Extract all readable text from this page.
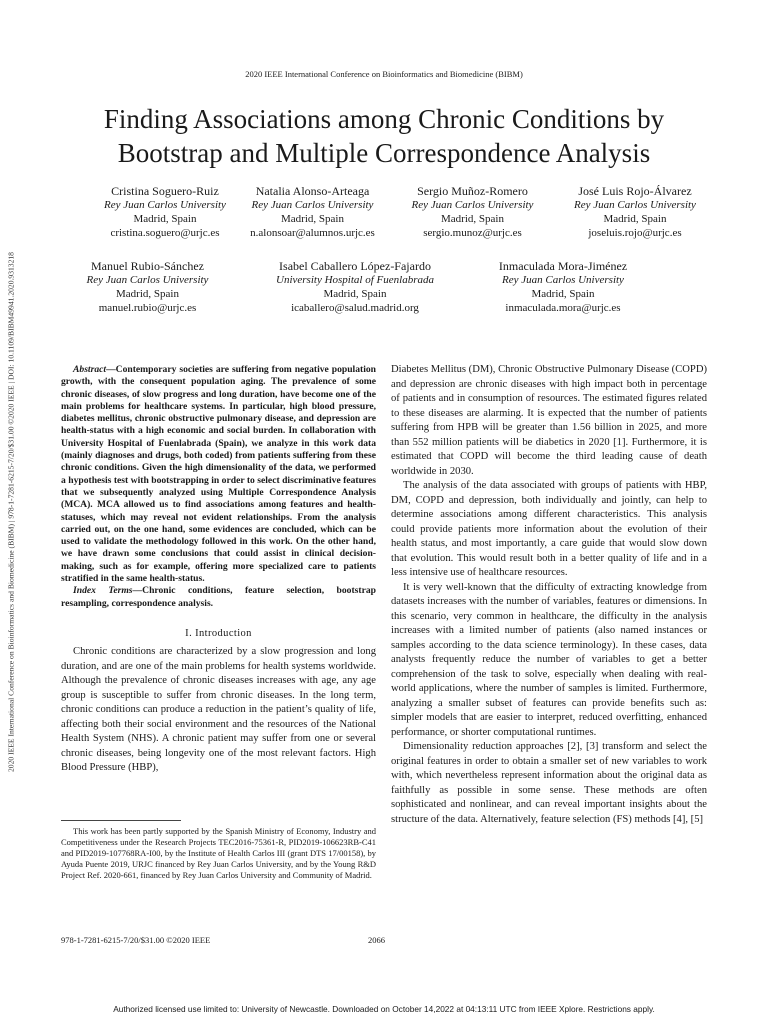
2020 IEEE International Conference on Bioinformatics and Biomedicine (BIBM)
Finding Associations among Chronic Conditions by
Bootstrap and Multiple Correspondence Analysis
2020 IEEE International Conference on Bioinformatics and Biomedicine (BIBM) | 978-1-7281-6215-7/20/$31.00 ©2020 IEEE | DOI: 10.1109/BIBM49941.2020.9313218
Cristina Soguero-Ruiz
Rey Juan Carlos University
Madrid, Spain
cristina.soguero@urjc.es
Natalia Alonso-Arteaga
Rey Juan Carlos University
Madrid, Spain
n.alonsoar@alumnos.urjc.es
Sergio Muñoz-Romero
Rey Juan Carlos University
Madrid, Spain
sergio.munoz@urjc.es
José Luis Rojo-Álvarez
Rey Juan Carlos University
Madrid, Spain
joseluis.rojo@urjc.es
Manuel Rubio-Sánchez
Rey Juan Carlos University
Madrid, Spain
manuel.rubio@urjc.es
Isabel Caballero López-Fajardo
University Hospital of Fuenlabrada
Madrid, Spain
icaballero@salud.madrid.org
Inmaculada Mora-Jiménez
Rey Juan Carlos University
Madrid, Spain
inmaculada.mora@urjc.es

Abstract—Contemporary societies are suffering from negative population growth, with the consequent population aging. The prevalence of some chronic diseases, of slow progress and long duration, have become one of the main problems for healthcare systems. In particular, high blood pressure, diabetes mellitus, chronic obstructive pulmonary disease, and depression are health-status with a high economic and social burden. In collaboration with University Hospital of Fuenlabrada (Spain), we analyze in this work data (mainly diagnoses and drugs, both coded) from patients suffering from these chronic conditions. Given the high dimensionality of the data, we performed a hypothesis test with bootstrapping in order to select discriminative features that we subsequently analyzed using Multiple Correspondence Analysis (MCA). MCA allowed us to find associations among features and health-statuses, which may reveal not evident relationships. From the analysis carried out, on the one hand, some evidences are concluded, which can be used to validate the methodology followed in this work. On the other hand, we have drawn some conclusions that could assist in clinical decision-making, such as for example, offering more specialized care to patients stratified in the same health-status.

Index Terms—Chronic conditions, feature selection, bootstrap resampling, correspondence analysis.

I. Introduction

Chronic conditions are characterized by a slow progression and long duration, and are one of the main problems for health systems worldwide. Although the prevalence of chronic diseases increases with age, any age group is susceptible to suffer from chronic diseases. In the long term, chronic conditions can produce a reduction in the patient’s quality of life, affecting both their social environment and the resources of the National Health System (NHS). A chronic patient may suffer from one or several chronic diseases, being longevity one of the most relevant factors. High Blood Pressure (HBP),

This work has been partly supported by the Spanish Ministry of Economy, Industry and Competitiveness under the Research Projects TEC2016-75361-R, PID2019-106623RB-C41 and PID2019-107768RA-I00, by the Institute of Health Carlos III (grant DTS 17/00158), by Ayuda Puente 2019, URJC financed by Rey Juan Carlos University, and by the Young R&D Project Ref. 2020-661, financed by Rey Juan Carlos University and Community of Madrid.

Diabetes Mellitus (DM), Chronic Obstructive Pulmonary Disease (COPD) and depression are chronic diseases with high impact both in percentage of patients and in consumption of resources. The estimated figures related to these diseases are alarming. It is expected that the number of patients suffering from HPB will be greater than 1.56 billion in 2025, and more than 552 million patients will be diabetics in 2020 [1]. Furthermore, it is estimated that COPD will become the third leading cause of death worldwide in 2030.

The analysis of the data associated with groups of patients with HBP, DM, COPD and depression, both individually and jointly, can help to determine associations among different characteristics. This analysis could provide patients more information about the evolution of their health status, and most importantly, a care guide that would slow down that evolution. This would result both in a better quality of life and in a less intensive use of healthcare resources.

It is very well-known that the difficulty of extracting knowledge from datasets increases with the number of variables, features or dimensions. In this scenario, very common in healthcare, the difficulty in the analysis increases with a limited number of patients (also named instances or samples according to the data science terminology). In these cases, data analysts frequently reduce the number of variables to get a better comprehension of the task to solve, especially when dealing with real-world applications, where the number of samples is limited. Furthermore, analyzing a smaller subset of features can provide benefits such as: simpler models that are easier to interpret, reduced overfitting, enhanced performance, or shorter computational runtimes.

Dimensionality reduction approaches [2], [3] transform and select the original features in order to obtain a smaller set of new variables to work with, which nevertheless represent information about the original data as faithfully as possible in some sense. These methods are often sophisticated and nonlinear, and can reveal important insights about the structure of the data. Alternatively, feature selection (FS) methods [4], [5]

978-1-7281-6215-7/20/$31.00 ©2020 IEEE	2066
Authorized licensed use limited to: University of Newcastle. Downloaded on October 14,2022 at 04:13:11 UTC from IEEE Xplore. Restrictions apply.
